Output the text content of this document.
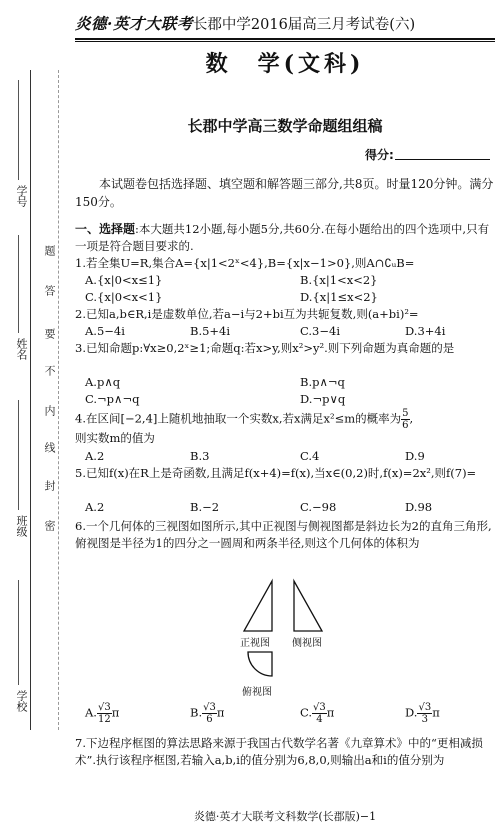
学号
姓名
班级
学校
题
答
要
不
内
线
封
密
炎德·英才大联考长郡中学2016届高三月考试卷(六)
数　学(文科)
长郡中学高三数学命题组组稿
得分:
本试题卷包括选择题、填空题和解答题三部分,共8页。时量120分钟。满分150分。
一、选择题:本大题共12小题,每小题5分,共60分.在每小题给出的四个选项中,只有一项是符合题目要求的.
1.若全集U=R,集合A={x|1<2ˣ<4},B={x|x−1>0},则A∩∁ᵤB=
A.{x|0<x≤1}	B.{x|1<x<2}
C.{x|0<x<1}	D.{x|1≤x<2}
2.已知a,b∈R,i是虚数单位,若a−i与2+bi互为共轭复数,则(a+bi)²=
A.5−4i	B.5+4i	C.3−4i	D.3+4i
3.已知命题p:∀x≥0,2ˣ≥1;命题q:若x>y,则x²>y².则下列命题为真命题的是
A.p∧q	B.p∧¬q
C.¬p∧¬q	D.¬p∨q
4.在区间[−2,4]上随机地抽取一个实数x,若x满足x²≤m的概率为 $\frac{5}{6}$ ,
则实数m的值为
A.2	B.3	C.4	D.9
5.已知f(x)在R上是奇函数,且满足f(x+4)=f(x),当x∈(0,2)时,f(x)=2x²,则f(7)=
A.2	B.−2	C.−98	D.98
6.一个几何体的三视图如图所示,其中正视图与侧视图都是斜边长为2的直角三角形,俯视图是半径为1的四分之一圆周和两条半径,则这个几何体的体积为
正视图 侧视图
俯视图
A. $\frac{√3}{12}$ π	B. $\frac{√3}{6}$ π	C. $\frac{√3}{4}$ π	D. $\frac{√3}{3}$ π
7.下边程序框图的算法思路来源于我国古代数学名著《九章算术》中的“更相减损术”.执行该程序框图,若输入a,b,i的值分别为6,8,0,则输出a和i的值分别为
炎德·英才大联考文科数学(长郡版)−1
